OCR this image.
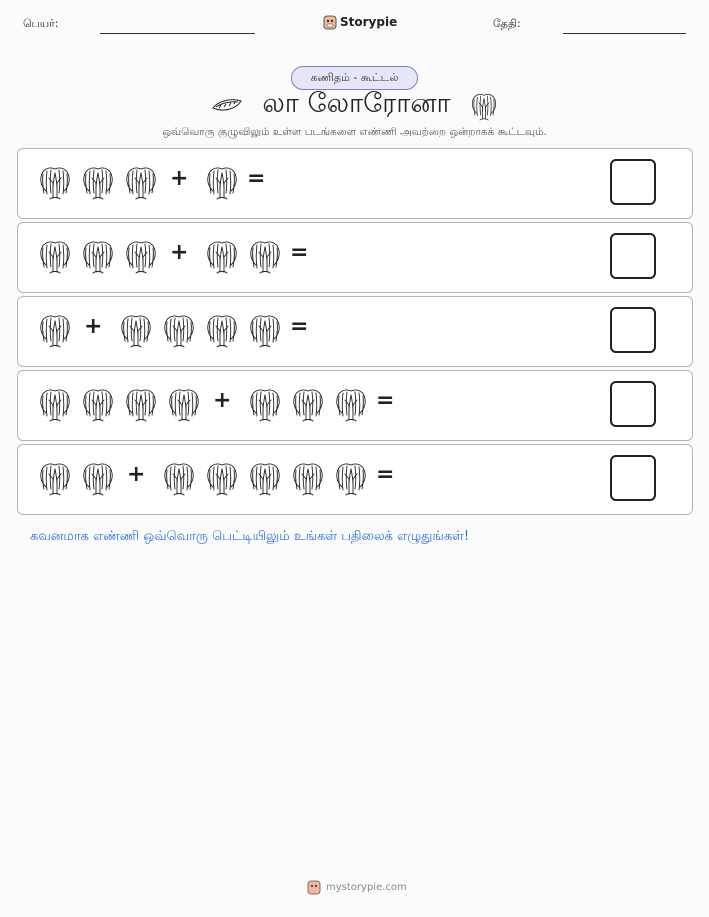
பெயர்:	Storypie	தேதி:
கணிதம் - கூட்டல்
லா லோரோனா
ஒவ்வொரு குழுவிலும் உள்ள படங்களை எண்ணி அவற்றை ஒன்றாகக் கூட்டவும்.
+	=
+	=
+	=
+	=
+	=
கவனமாக எண்ணி ஒவ்வொரு பெட்டியிலும் உங்கள் பதிலைக் எழுதுங்கள்!
mystorypie.com
